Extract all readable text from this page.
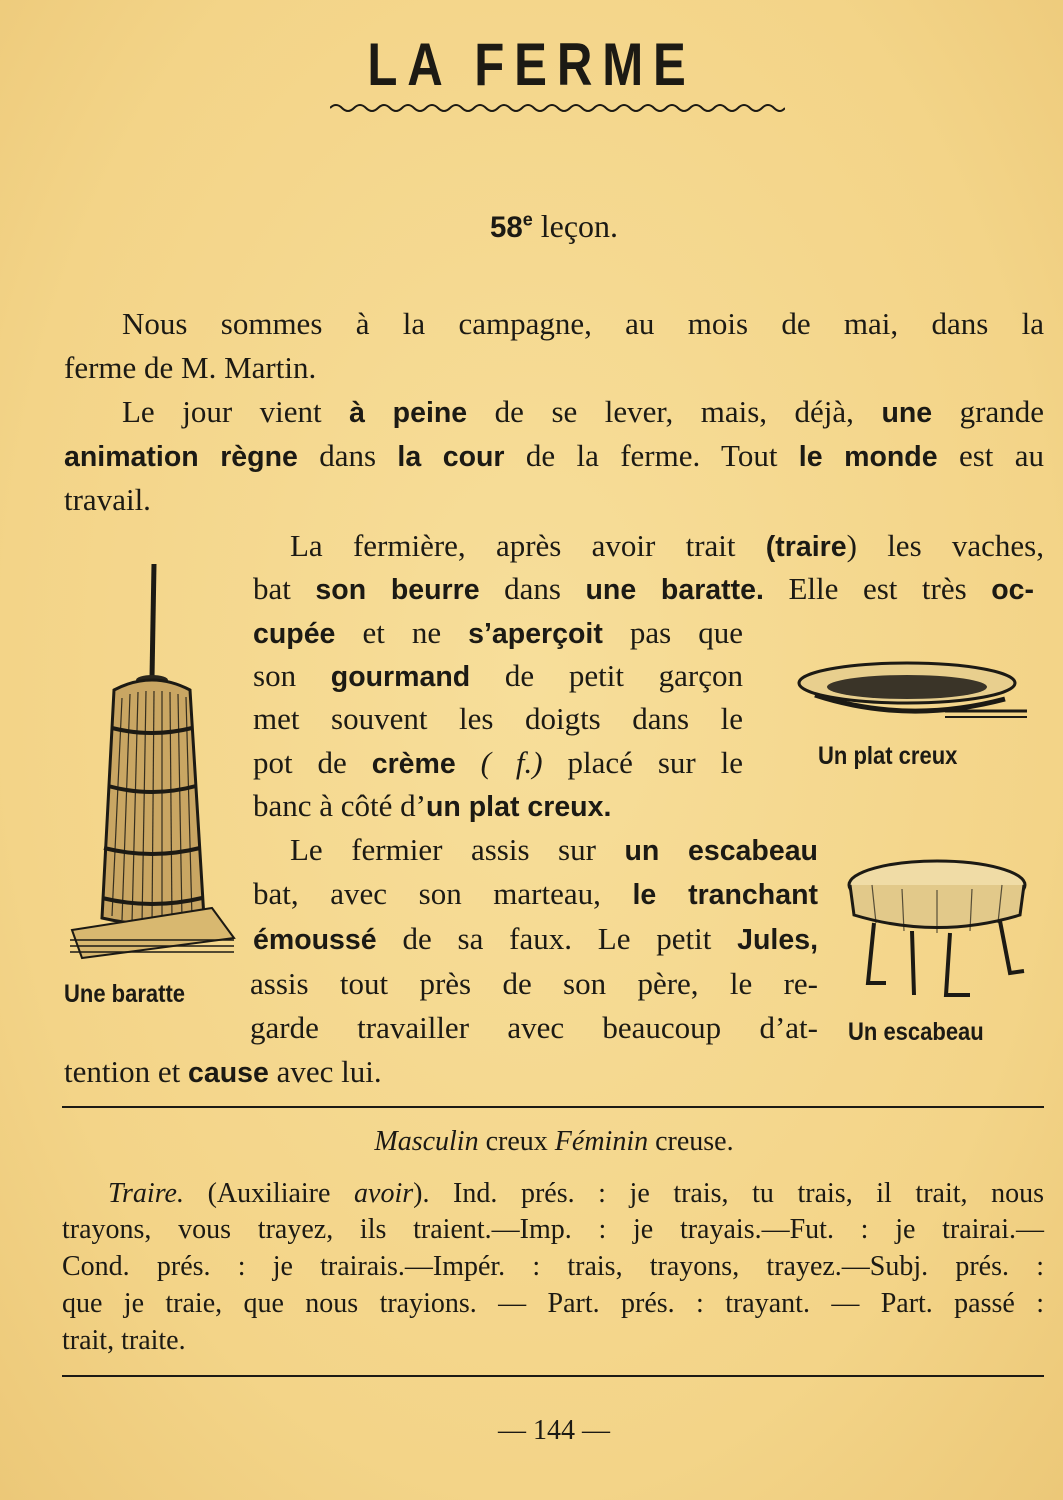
LA FERME
58e leçon.
Nous sommes à la campagne, au mois de mai, dans la
ferme de M. Martin.
Le jour vient à peine de se lever, mais, déjà, une grande
animation règne dans la cour de la ferme. Tout le monde est au
travail.
La fermière, après avoir trait (traire) les vaches,
bat son beurre dans une baratte. Elle est très oc-
cupée et ne s’aperçoit pas que
son gourmand de petit garçon
met souvent les doigts dans le
pot de crème ( f.) placé sur le
banc à côté d’un plat creux.
Le fermier assis sur un escabeau
bat, avec son marteau, le tranchant
émoussé de sa faux. Le petit Jules,
assis tout près de son père, le re-
garde travailler avec beaucoup d’at-
tention et cause avec lui.
Une baratte
Un plat creux
Un escabeau
Masculin creux Féminin creuse.
Traire. (Auxiliaire avoir). Ind. prés. : je trais, tu trais, il trait, nous
trayons, vous trayez, ils traient.—Imp. : je trayais.—Fut. : je trairai.—
Cond. prés. : je trairais.—Impér. : trais, trayons, trayez.—Subj. prés. :
que je traie, que nous trayions. — Part. prés. : trayant. — Part. passé :
trait, traite.
— 144 —
